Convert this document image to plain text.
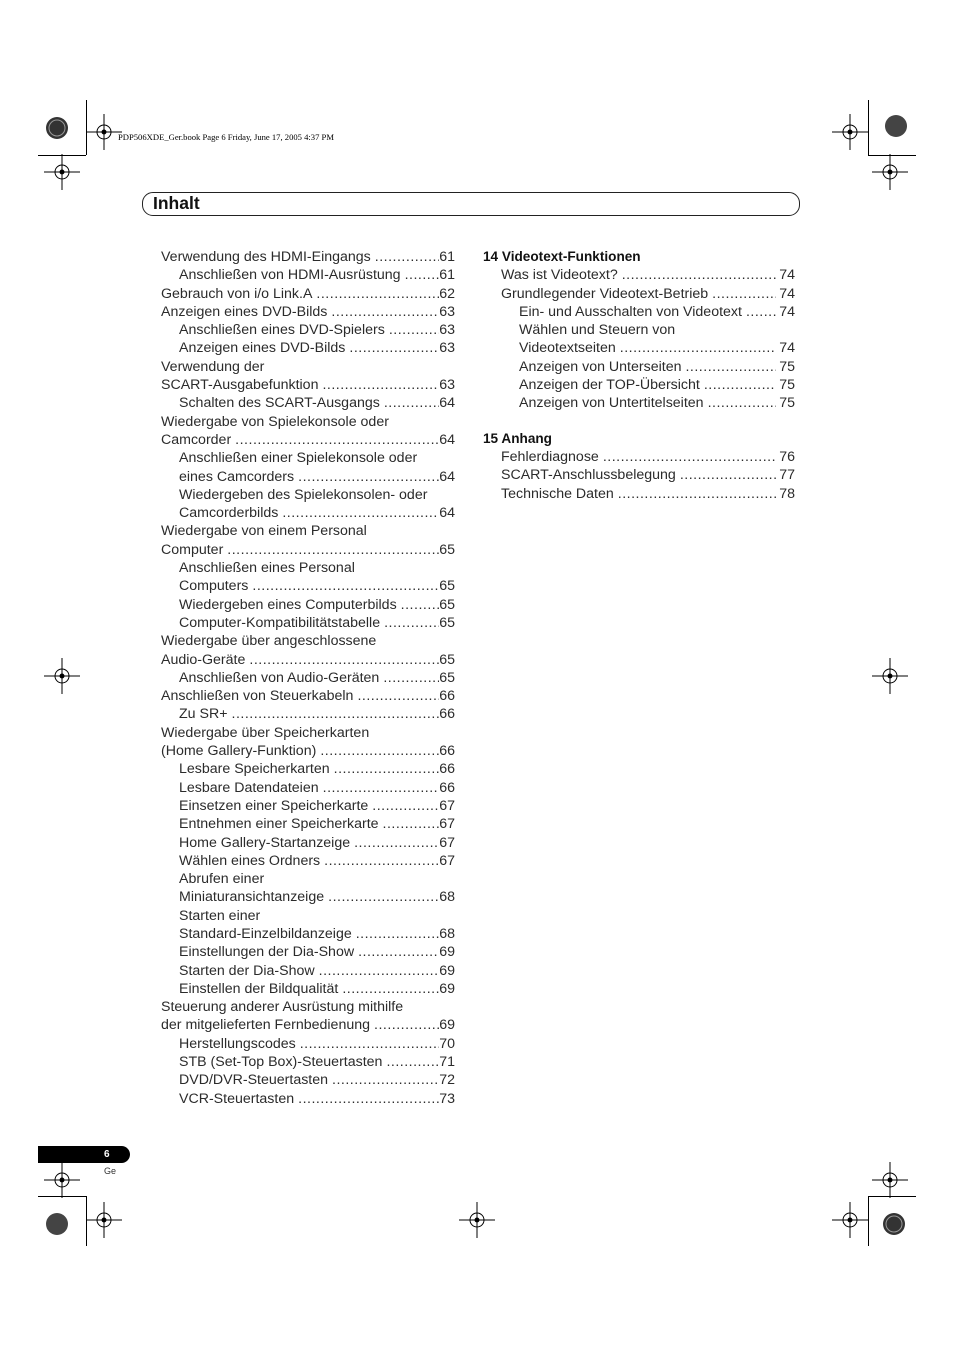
PDP506XDE_Ger.book Page 6 Friday, June 17, 2005 4:37 PM
Inhalt
Verwendung des HDMI-Eingangs .....	61
Anschließen von HDMI-Ausrüstung .....	61
Gebrauch von i/o Link.A .....	62
Anzeigen eines DVD-Bilds .....	63
Anschließen eines DVD-Spielers .....	63
Anzeigen eines DVD-Bilds .....	63
Verwendung der
SCART-Ausgabefunktion .....	63
Schalten des SCART-Ausgangs .....	64
Wiedergabe von Spielekonsole oder
Camcorder .....	64
Anschließen einer Spielekonsole oder
eines Camcorders .....	64
Wiedergeben des Spielekonsolen- oder
Camcorderbilds .....	64
Wiedergabe von einem Personal
Computer .....	65
Anschließen eines Personal
Computers .....	65
Wiedergeben eines Computerbilds .....	65
Computer-Kompatibilitätstabelle .....	65
Wiedergabe über angeschlossene
Audio-Geräte .....	65
Anschließen von Audio-Geräten .....	65
Anschließen von Steuerkabeln .....	66
Zu SR+ .....	66
Wiedergabe über Speicherkarten
(Home Gallery-Funktion) .....	66
Lesbare Speicherkarten .....	66
Lesbare Datendateien .....	66
Einsetzen einer Speicherkarte .....	67
Entnehmen einer Speicherkarte .....	67
Home Gallery-Startanzeige .....	67
Wählen eines Ordners .....	67
Abrufen einer
Miniaturansichtanzeige .....	68
Starten einer
Standard-Einzelbildanzeige .....	68
Einstellungen der Dia-Show .....	69
Starten der Dia-Show .....	69
Einstellen der Bildqualität .....	69
Steuerung anderer Ausrüstung mithilfe
der mitgelieferten Fernbedienung .....	69
Herstellungscodes .....	70
STB (Set-Top Box)-Steuertasten .....	71
DVD/DVR-Steuertasten .....	72
VCR-Steuertasten .....	73
14 Videotext-Funktionen
Was ist Videotext? .....	74
Grundlegender Videotext-Betrieb .....	74
Ein- und Ausschalten von Videotext .....	74
Wählen und Steuern von
Videotextseiten .....	74
Anzeigen von Unterseiten .....	75
Anzeigen der TOP-Übersicht .....	75
Anzeigen von Untertitelseiten .....	75
15 Anhang
Fehlerdiagnose .....	76
SCART-Anschlussbelegung .....	77
Technische Daten .....	78
6
Ge
